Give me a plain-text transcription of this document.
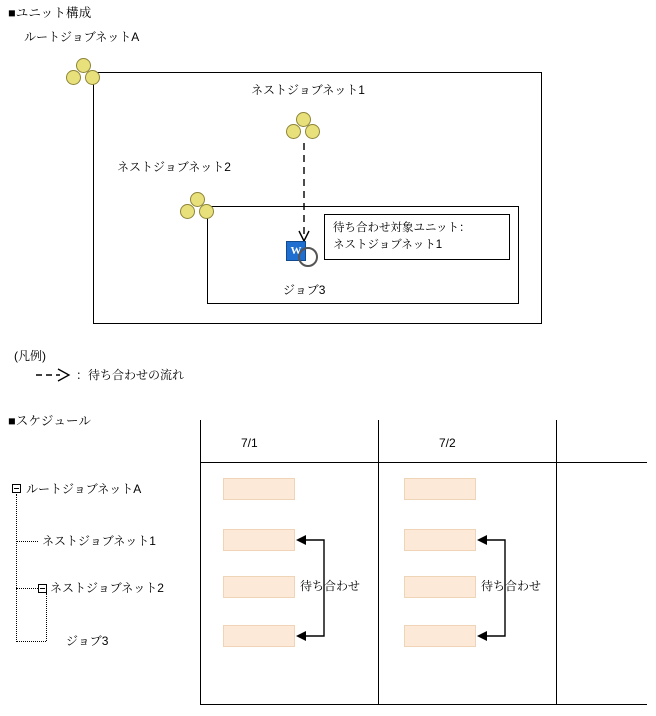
■ユニット構成
ルートジョブネットA
ネストジョブネット1
ネストジョブネット2
W
ジョブ3
待ち合わせ対象ユニット：
ネストジョブネット1
(凡例)
：待ち合わせの流れ
■スケジュール
7/1	7/2
ルートジョブネットA
ネストジョブネット1
ネストジョブネット2
ジョブ3
待ち合わせ	待ち合わせ
